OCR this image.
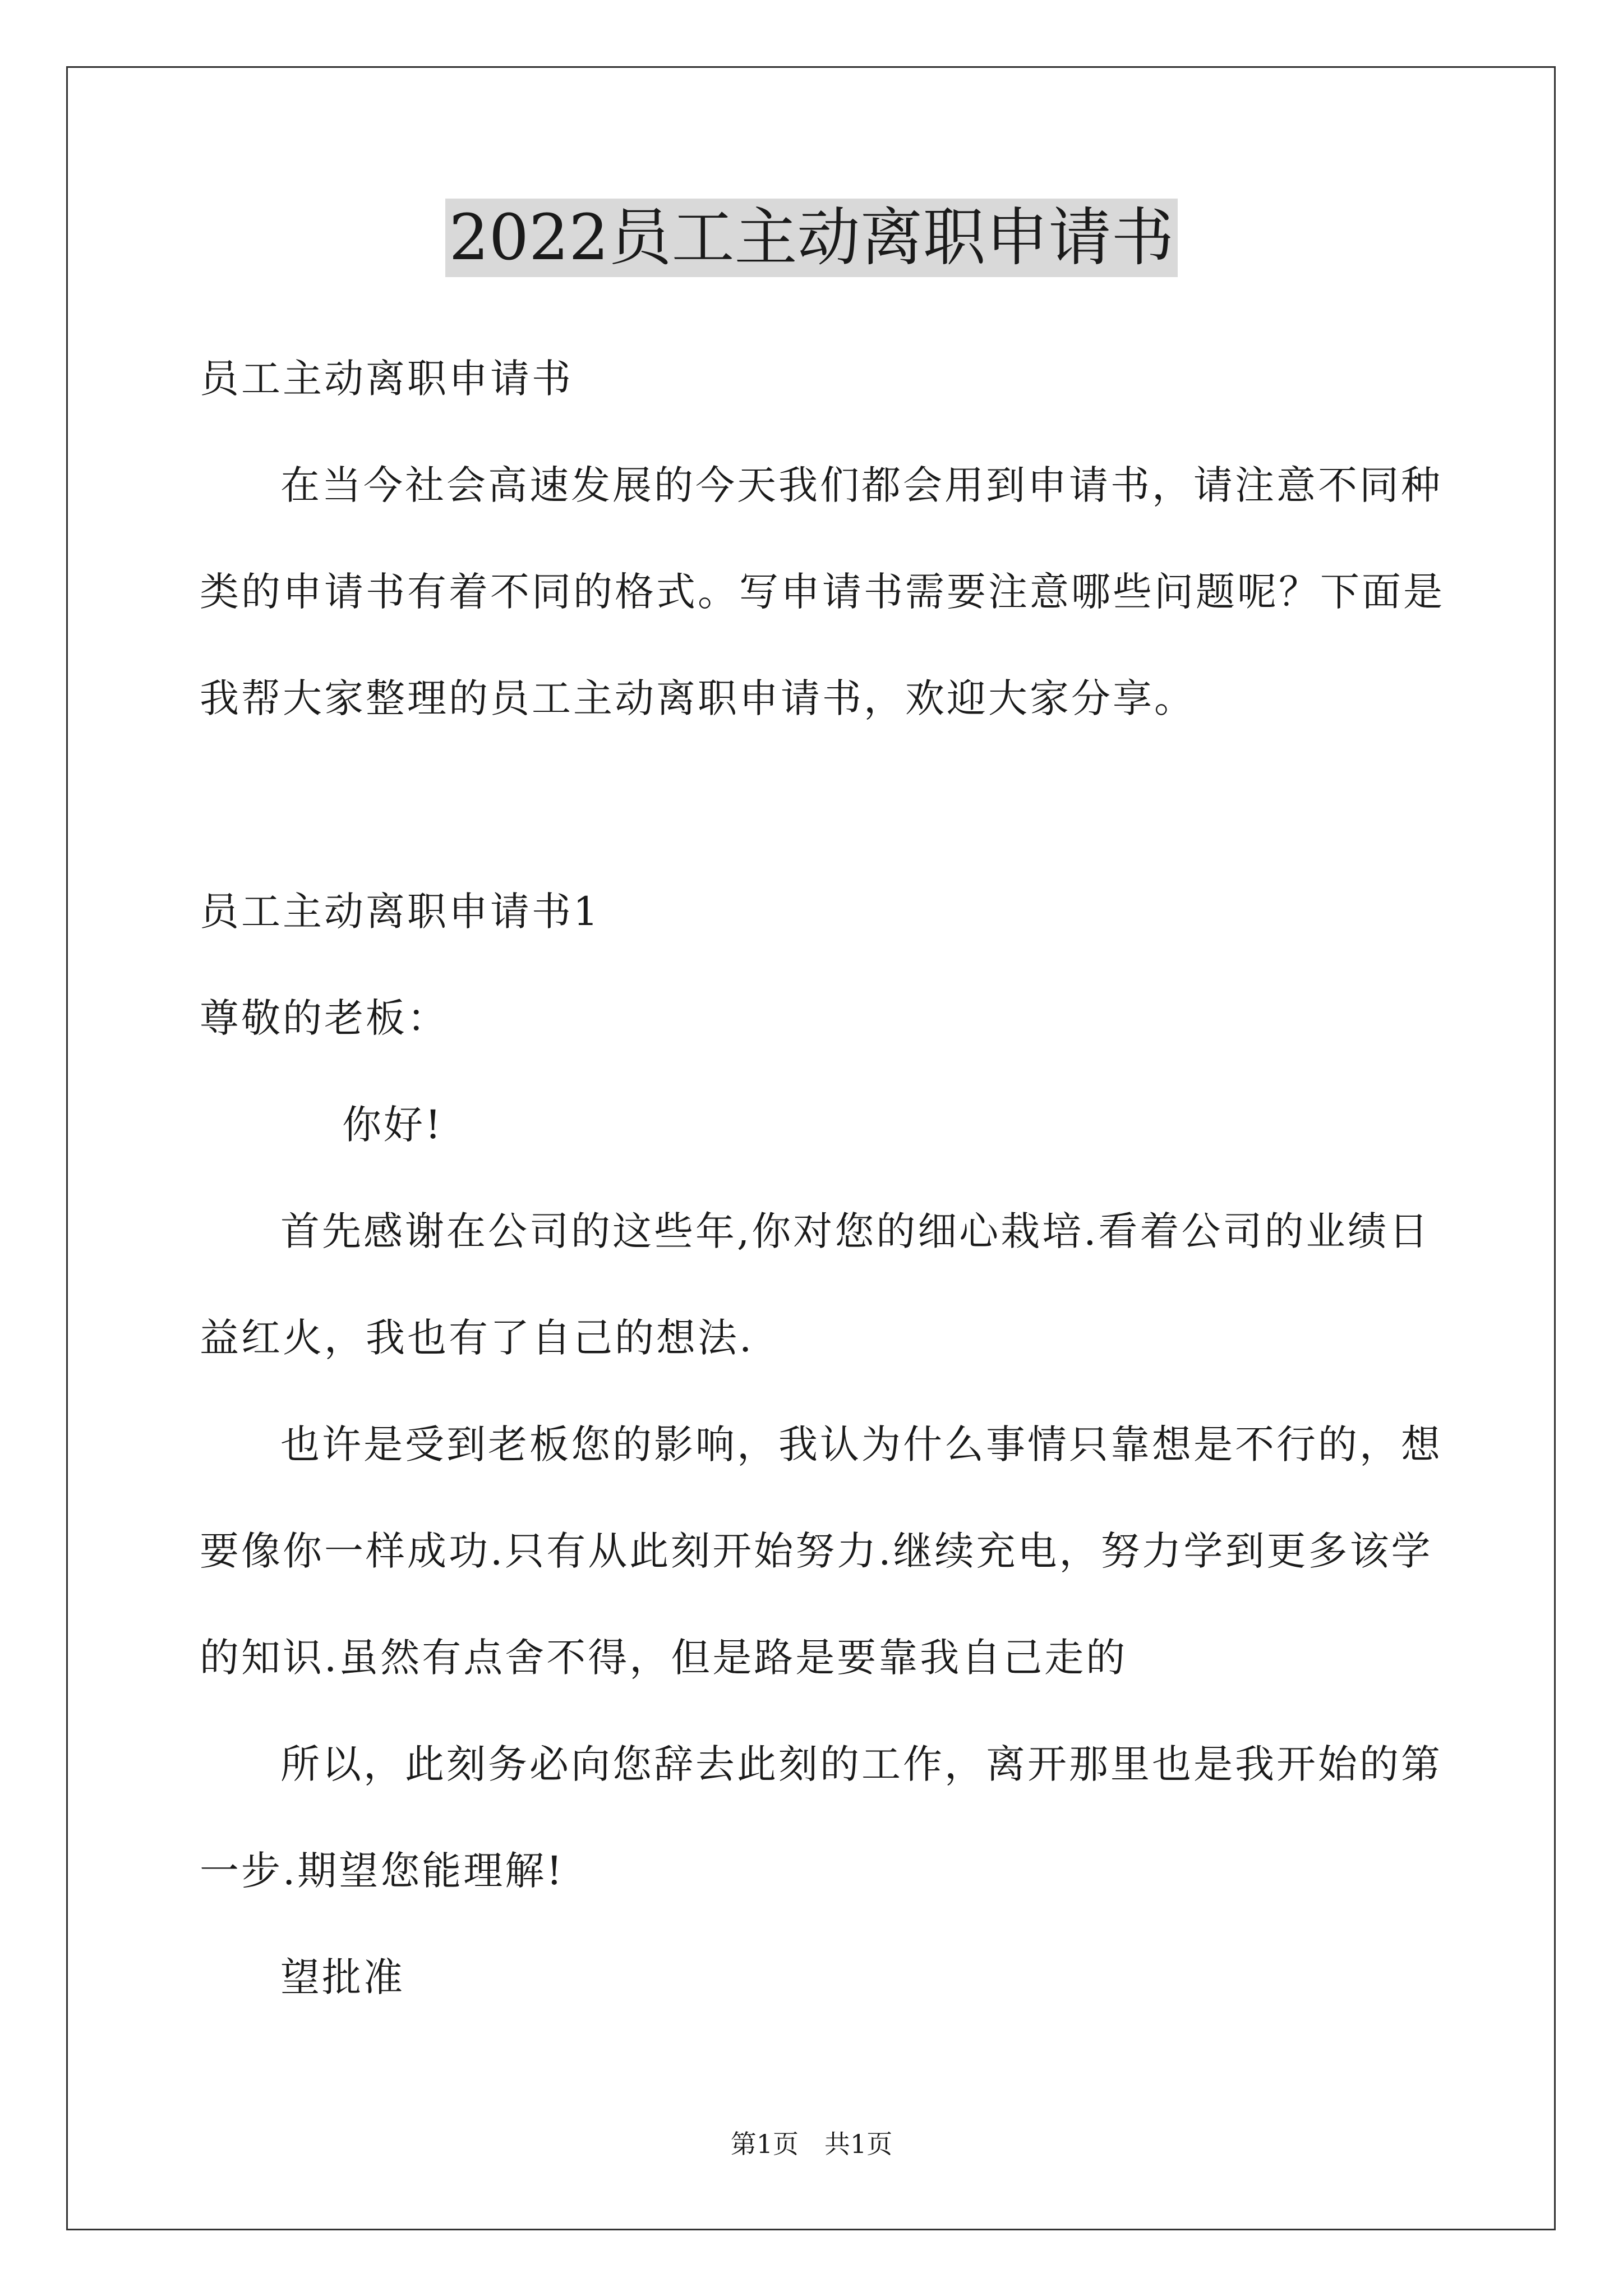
2022员工主动离职申请书
员工主动离职申请书
在当今社会高速发展的今天我们都会用到申请书，请注意不同种
类的申请书有着不同的格式。写申请书需要注意哪些问题呢？下面是
我帮大家整理的员工主动离职申请书，欢迎大家分享。
员工主动离职申请书1
尊敬的老板：
你好!
首先感谢在公司的这些年,你对您的细心栽培.看着公司的业绩日
益红火，我也有了自己的想法.
也许是受到老板您的影响，我认为什么事情只靠想是不行的，想
要像你一样成功.只有从此刻开始努力.继续充电，努力学到更多该学
的知识.虽然有点舍不得，但是路是要靠我自己走的
所以，此刻务必向您辞去此刻的工作，离开那里也是我开始的第
一步.期望您能理解!
望批准
第1页 共1页
